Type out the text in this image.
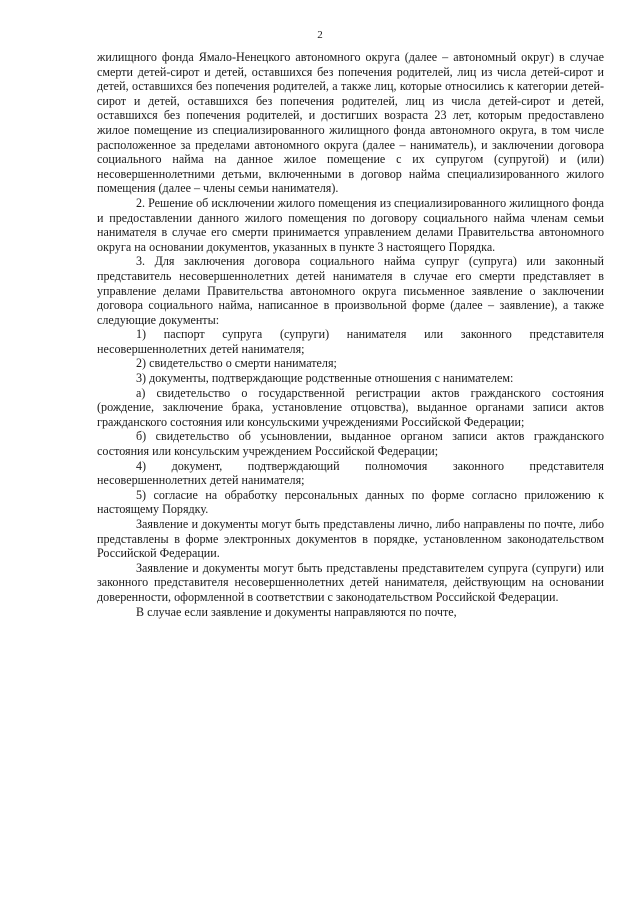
2

жилищного фонда Ямало-Ненецкого автономного округа (далее – автономный округ) в случае смерти детей-сирот и детей, оставшихся без попечения родителей, лиц из числа детей-сирот и детей, оставшихся без попечения родителей, а также лиц, которые относились к категории детей-сирот и детей, оставшихся без попечения родителей, лиц из числа детей-сирот и детей, оставшихся без попечения родителей, и достигших возраста 23 лет, которым предоставлено жилое помещение из специализированного жилищного фонда автономного округа, в том числе расположенное за пределами автономного округа (далее – наниматель), и заключении договора социального найма на данное жилое помещение с их супругом (супругой) и (или) несовершеннолетними детьми, включенными в договор найма специализированного жилого помещения (далее – члены семьи нанимателя).

2. Решение об исключении жилого помещения из специализированного жилищного фонда и предоставлении данного жилого помещения по договору социального найма членам семьи нанимателя в случае его смерти принимается управлением делами Правительства автономного округа на основании документов, указанных в пункте 3 настоящего Порядка.

3. Для заключения договора социального найма супруг (супруга) или законный представитель несовершеннолетних детей нанимателя в случае его смерти представляет в управление делами Правительства автономного округа письменное заявление о заключении договора социального найма, написанное в произвольной форме (далее – заявление), а также следующие документы:

1) паспорт супруга (супруги) нанимателя или законного представителя несовершеннолетних детей нанимателя;

2) свидетельство о смерти нанимателя;

3) документы, подтверждающие родственные отношения с нанимателем:

а) свидетельство о государственной регистрации актов гражданского состояния (рождение, заключение брака, установление отцовства), выданное органами записи актов гражданского состояния или консульскими учреждениями Российской Федерации;

б) свидетельство об усыновлении, выданное органом записи актов гражданского состояния или консульским учреждением Российской Федерации;

4) документ, подтверждающий полномочия законного представителя несовершеннолетних детей нанимателя;

5) согласие на обработку персональных данных по форме согласно приложению к настоящему Порядку.

Заявление и документы могут быть представлены лично, либо направлены по почте, либо представлены в форме электронных документов в порядке, установленном законодательством Российской Федерации.

Заявление и документы могут быть представлены представителем супруга (супруги) или законного представителя несовершеннолетних детей нанимателя, действующим на основании доверенности, оформленной в соответствии с законодательством Российской Федерации.

В случае если заявление и документы направляются по почте,
